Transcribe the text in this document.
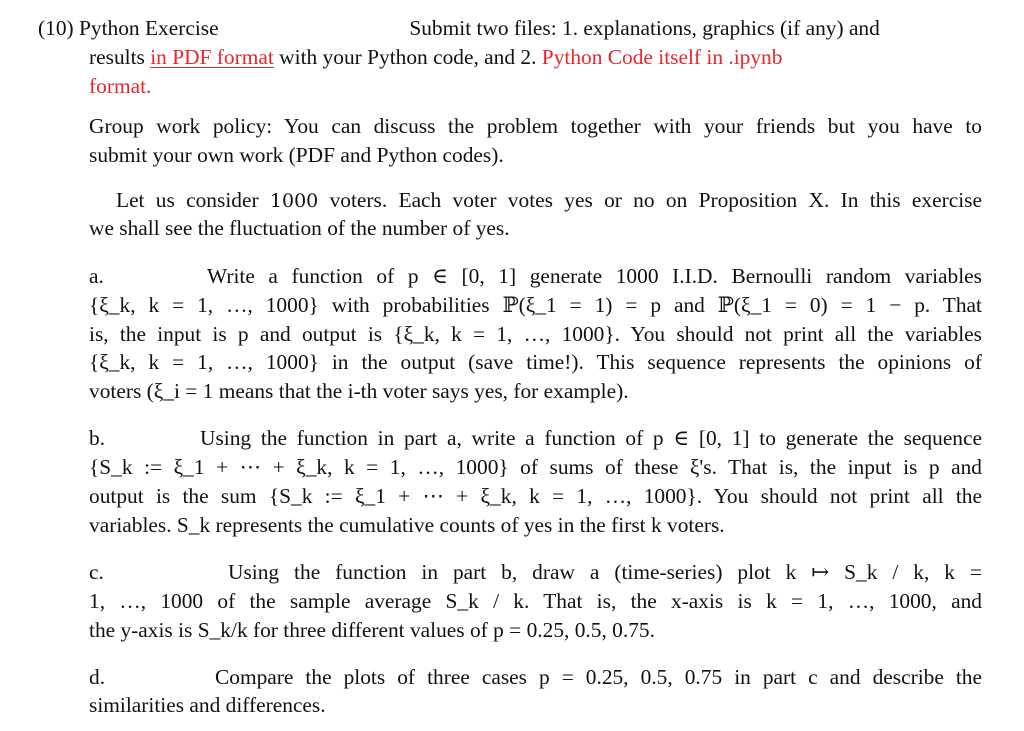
(10) Python Exercise	Submit two files: 1. explanations, graphics (if any) and
results in PDF format with your Python code, and 2. Python Code itself in .ipynb
format.
Group work policy: You can discuss the problem together with your friends but you have to
submit your own work (PDF and Python codes).
Let us consider 1000 voters. Each voter votes yes or no on Proposition X. In this exercise
we shall see the fluctuation of the number of yes.
a.	Write a function of p ∈ [0, 1] generate 1000 I.I.D. Bernoulli random variables
{ξ_k, k = 1, …, 1000} with probabilities ℙ(ξ_1 = 1) = p and ℙ(ξ_1 = 0) = 1 − p. That
is, the input is p and output is {ξ_k, k = 1, …, 1000}. You should not print all the variables
{ξ_k, k = 1, …, 1000} in the output (save time!). This sequence represents the opinions of
voters (ξ_i = 1 means that the i-th voter says yes, for example).
b.	Using the function in part a, write a function of p ∈ [0, 1] to generate the sequence
{S_k := ξ_1 + ⋯ + ξ_k, k = 1, …, 1000} of sums of these ξ's. That is, the input is p and
output is the sum {S_k := ξ_1 + ⋯ + ξ_k, k = 1, …, 1000}. You should not print all the
variables. S_k represents the cumulative counts of yes in the first k voters.
c.	Using the function in part b, draw a (time-series) plot k ↦ S_k / k, k =
1, …, 1000 of the sample average S_k / k. That is, the x-axis is k = 1, …, 1000, and
the y-axis is S_k/k for three different values of p = 0.25, 0.5, 0.75.
d.	Compare the plots of three cases p = 0.25, 0.5, 0.75 in part c and describe the
similarities and differences.
